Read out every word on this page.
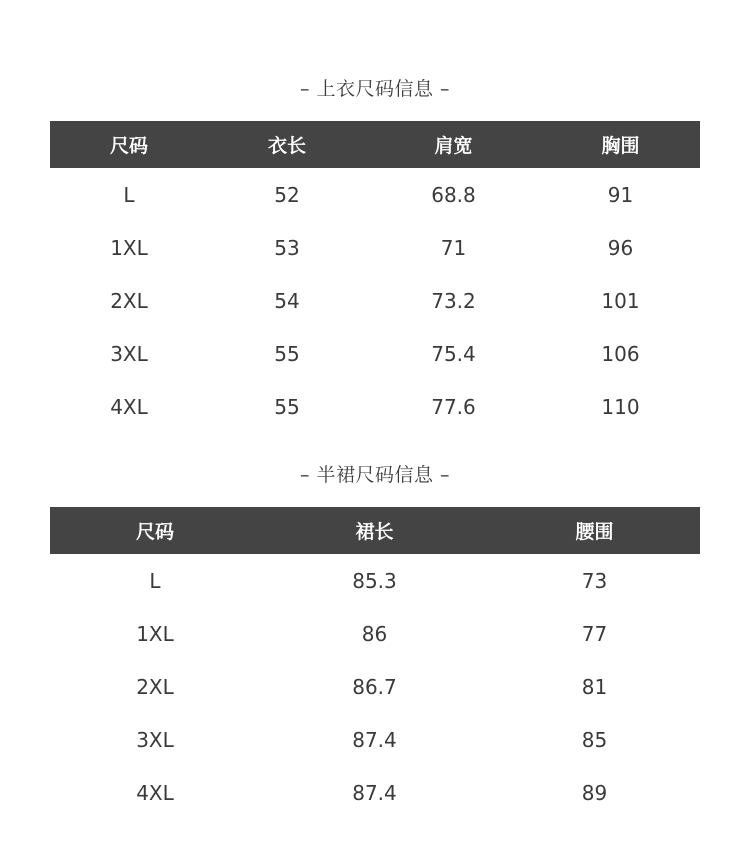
– 上衣尺码信息 –
尺码	衣长	肩宽	胸围
L	52	68.8	91
1XL	53	71	96
2XL	54	73.2	101
3XL	55	75.4	106
4XL	55	77.6	110
– 半裙尺码信息 –
尺码	裙长	腰围
L	85.3	73
1XL	86	77
2XL	86.7	81
3XL	87.4	85
4XL	87.4	89
